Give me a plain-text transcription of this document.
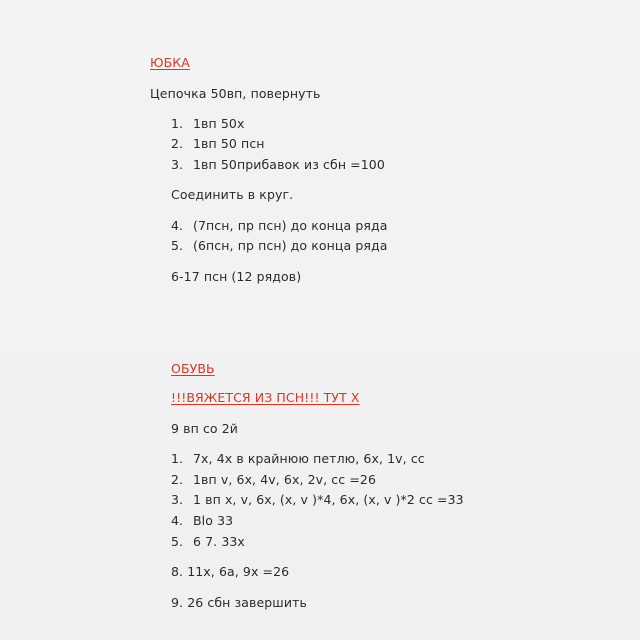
ЮБКА
Цепочка 50вп, повернуть
1. 1вп 50х
2. 1вп 50 псн
3. 1вп 50прибавок из сбн =100
Соединить в круг.
4. (7псн, пр псн) до конца ряда
5. (6псн, пр псн) до конца ряда
6-17 псн (12 рядов)
ОБУВЬ
!!!ВЯЖЕТСЯ ИЗ ПСН!!! ТУТ Х
9 вп со 2й
1. 7х, 4х в крайнюю петлю, 6х, 1v, сс
2. 1вп v, 6х, 4v, 6х, 2v, сс =26
3. 1 вп х, v, 6х, (х, v )*4, 6х, (х, v )*2 сс =33
4. Blo 33
5. 6 7. 33х
8. 11х, 6а, 9х =26
9. 26 сбн завершить
